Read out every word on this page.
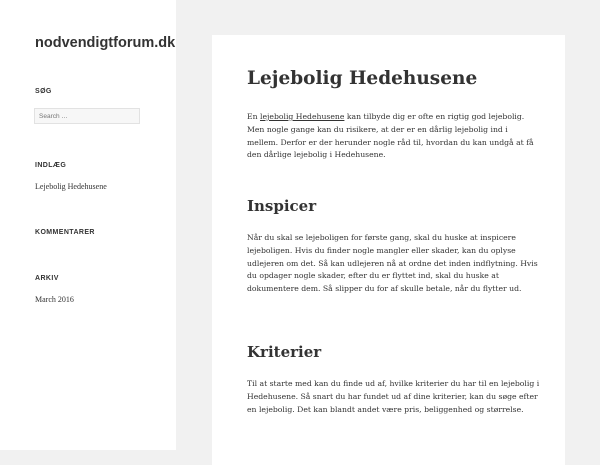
nodvendigtforum.dk
SØG
Search …
INDLÆG
Lejebolig Hedehusene
KOMMENTARER
ARKIV
March 2016
Lejebolig Hedehusene

En lejebolig Hedehusene kan tilbyde dig er ofte en rigtig god lejebolig. Men nogle gange kan du risikere, at der er en dårlig lejebolig ind i mellem. Derfor er der herunder nogle råd til, hvordan du kan undgå at få den dårlige lejebolig i Hedehusene.

Inspicer

Når du skal se lejeboligen for første gang, skal du huske at inspicere lejeboligen. Hvis du finder nogle mangler eller skader, kan du oplyse udlejeren om det. Så kan udlejeren nå at ordne det inden indflytning. Hvis du opdager nogle skader, efter du er flyttet ind, skal du huske at dokumentere dem. Så slipper du for af skulle betale, når du flytter ud.

Kriterier

Til at starte med kan du finde ud af, hvilke kriterier du har til en lejebolig i Hedehusene. Så snart du har fundet ud af dine kriterier, kan du søge efter en lejebolig. Det kan blandt andet være pris, beliggenhed og størrelse.
